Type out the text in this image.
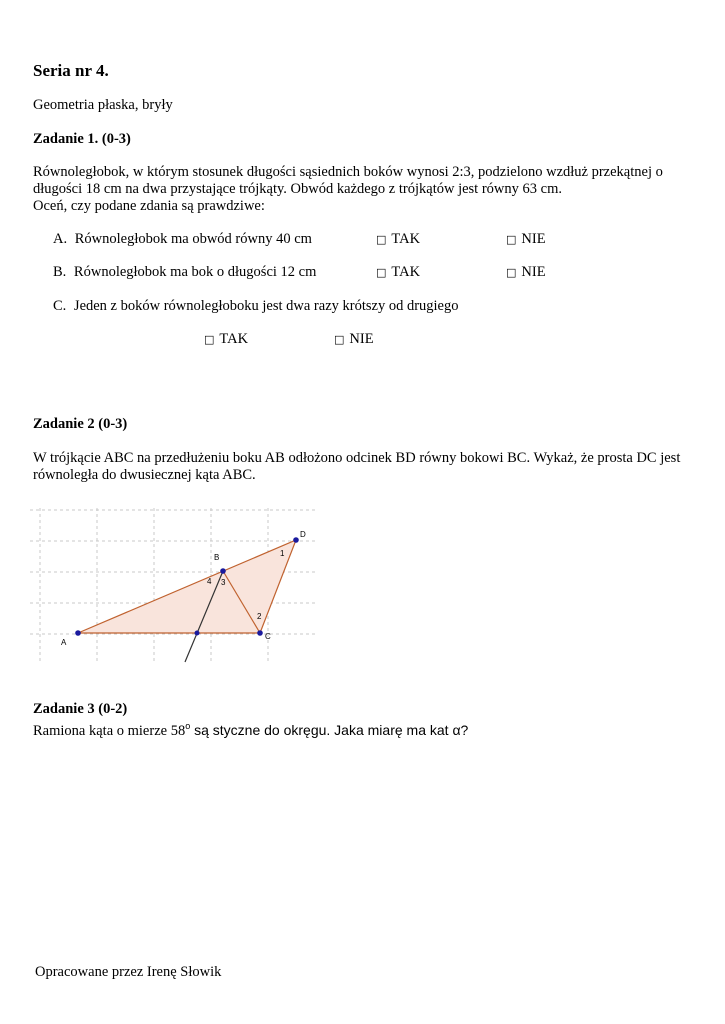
Seria nr 4.
Geometria płaska, bryły
Zadanie 1. (0-3)
Równoległobok, w którym stosunek długości sąsiednich boków wynosi 2:3, podzielono wzdłuż przekątnej o
długości 18 cm na dwa przystające trójkąty. Obwód każdego z trójkątów jest równy 63 cm.
Oceń, czy podane zdania są prawdziwe:
A. Równoległobok ma obwód równy 40 cm	□ TAK	□ NIE
B. Równoległobok ma bok o długości 12 cm	□ TAK	□ NIE
C. Jeden z boków równoległoboku jest dwa razy krótszy od drugiego
□ TAK	□ NIE
Zadanie 2 (0-3)
W trójkącie ABC na przedłużeniu boku AB odłożono odcinek BD równy bokowi BC. Wykaż, że prosta DC jest
równoległa do dwusiecznej kąta ABC.
A
B
C
D
1
2
3
4
Zadanie 3 (0-2)
Ramiona kąta o mierze 58$^o$ są styczne do okręgu. Jaka miarę ma kat α?
Opracowane przez Irenę Słowik
